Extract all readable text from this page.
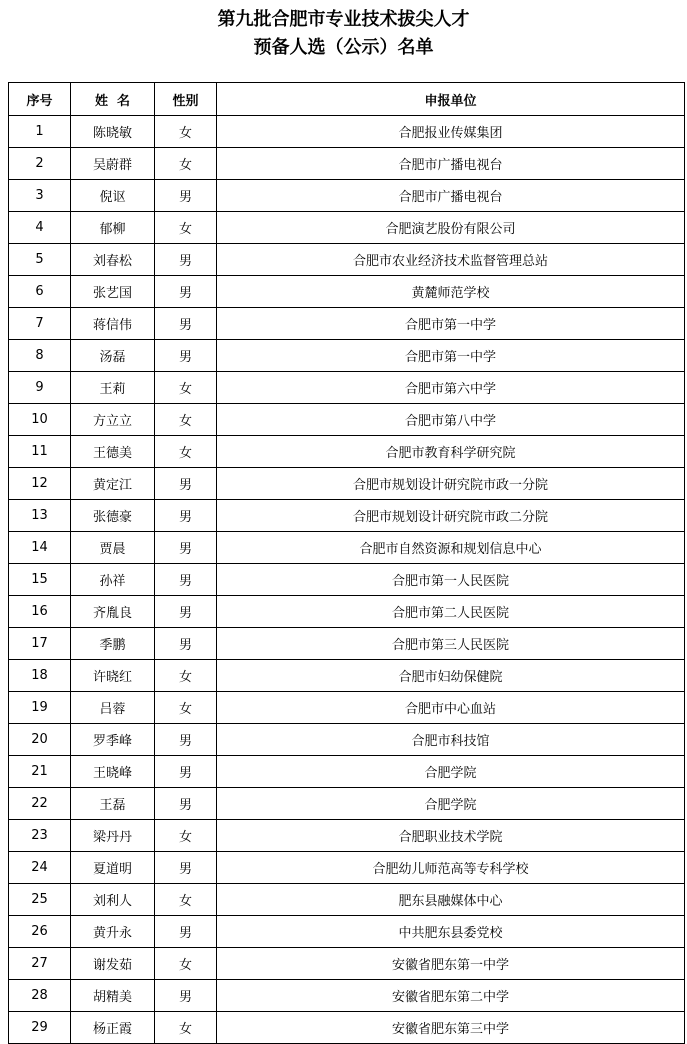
第九批合肥市专业技术拔尖人才
预备人选（公示）名单
序号	姓  名	性别	申报单位
1	陈晓敏	女	合肥报业传媒集团
2	吴蔚群	女	合肥市广播电视台
3	倪讴	男	合肥市广播电视台
4	郁柳	女	合肥演艺股份有限公司
5	刘春松	男	合肥市农业经济技术监督管理总站
6	张艺国	男	黄麓师范学校
7	蒋信伟	男	合肥市第一中学
8	汤磊	男	合肥市第一中学
9	王莉	女	合肥市第六中学
10	方立立	女	合肥市第八中学
11	王德美	女	合肥市教育科学研究院
12	黄定江	男	合肥市规划设计研究院市政一分院
13	张德豪	男	合肥市规划设计研究院市政二分院
14	贾晨	男	合肥市自然资源和规划信息中心
15	孙祥	男	合肥市第一人民医院
16	齐胤良	男	合肥市第二人民医院
17	季鹏	男	合肥市第三人民医院
18	许晓红	女	合肥市妇幼保健院
19	吕蓉	女	合肥市中心血站
20	罗季峰	男	合肥市科技馆
21	王晓峰	男	合肥学院
22	王磊	男	合肥学院
23	梁丹丹	女	合肥职业技术学院
24	夏道明	男	合肥幼儿师范高等专科学校
25	刘利人	女	肥东县融媒体中心
26	黄升永	男	中共肥东县委党校
27	谢发茹	女	安徽省肥东第一中学
28	胡精美	男	安徽省肥东第二中学
29	杨正霞	女	安徽省肥东第三中学
